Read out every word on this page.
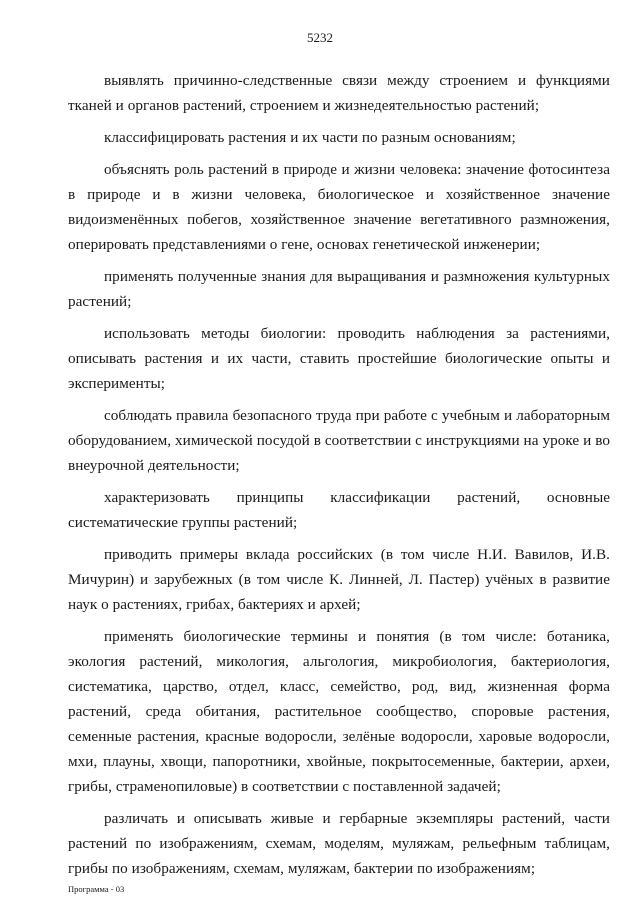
5232

выявлять причинно-следственные связи между строением и функциями тканей и органов растений, строением и жизнедеятельностью растений;

классифицировать растения и их части по разным основаниям;

объяснять роль растений в природе и жизни человека: значение фотосинтеза в природе и в жизни человека, биологическое и хозяйственное значение видоизменённых побегов, хозяйственное значение вегетативного размножения, оперировать представлениями о гене, основах генетической инженерии;

применять полученные знания для выращивания и размножения культурных растений;

использовать методы биологии: проводить наблюдения за растениями, описывать растения и их части, ставить простейшие биологические опыты и эксперименты;

соблюдать правила безопасного труда при работе с учебным и лабораторным оборудованием, химической посудой в соответствии с инструкциями на уроке и во внеурочной деятельности;

характеризовать принципы классификации растений, основные систематические группы растений;

приводить примеры вклада российских (в том числе Н.И. Вавилов, И.В. Мичурин) и зарубежных (в том числе К. Линней, Л. Пастер) учёных в развитие наук о растениях, грибах, бактериях и архей;

применять биологические термины и понятия (в том числе: ботаника, экология растений, микология, альгология, микробиология, бактериология, систематика, царство, отдел, класс, семейство, род, вид, жизненная форма растений, среда обитания, растительное сообщество, споровые растения, семенные растения, красные водоросли, зелёные водоросли, харовые водоросли, мхи, плауны, хвощи, папоротники, хвойные, покрытосеменные, бактерии, археи, грибы, страменопиловые) в соответствии с поставленной задачей;

различать и описывать живые и гербарные экземпляры растений, части растений по изображениям, схемам, моделям, муляжам, рельефным таблицам, грибы по изображениям, схемам, муляжам, бактерии по изображениям;

Программа - 03
